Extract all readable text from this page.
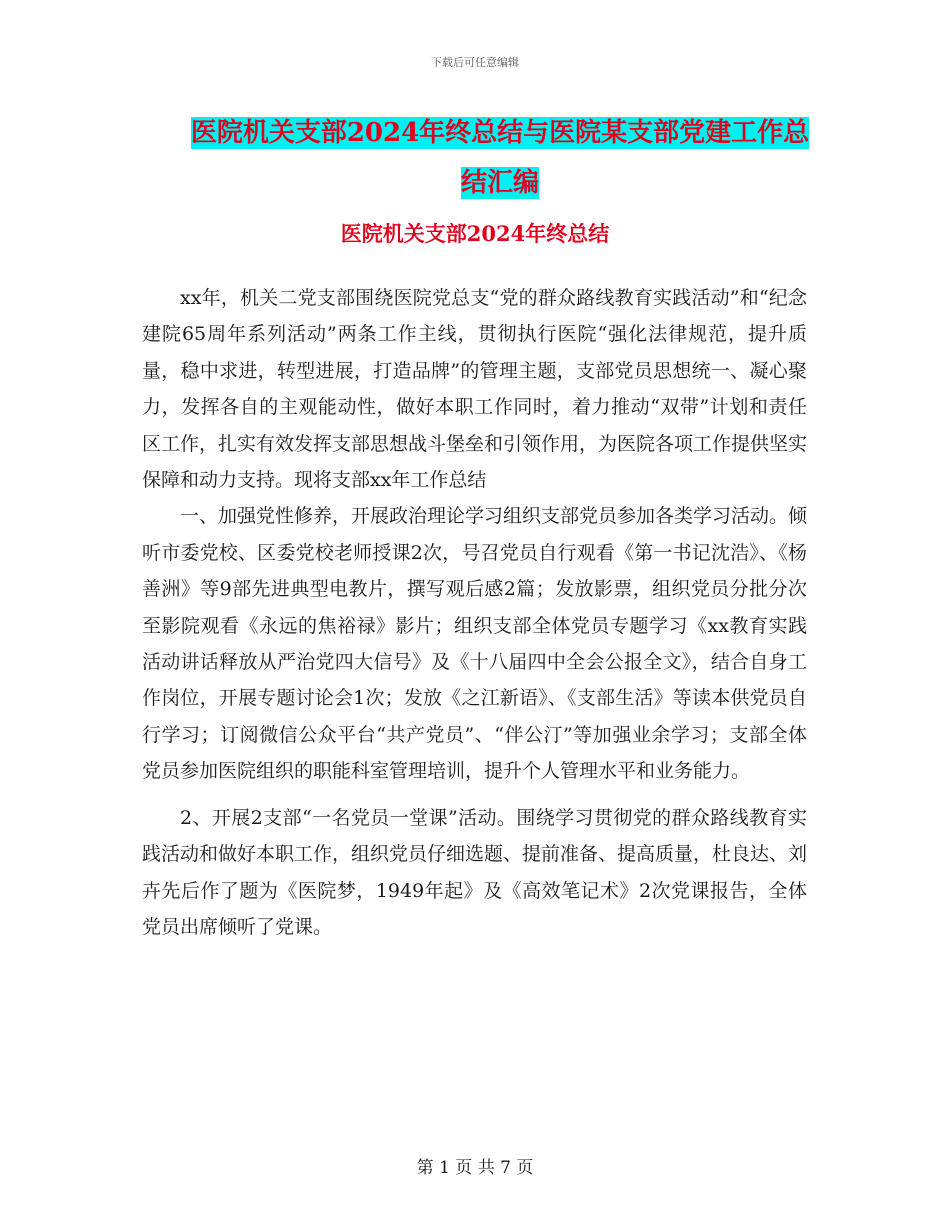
下载后可任意编辑
医院机关支部2024年终总结与医院某支部党建工作总
结汇编
医院机关支部2024年终总结

xx年，机关二党支部围绕医院党总支“党的群众路线教育实践活动”和“纪念建院65周年系列活动”两条工作主线，贯彻执行医院“强化法律规范，提升质量，稳中求进，转型进展，打造品牌”的管理主题，支部党员思想统一、凝心聚力，发挥各自的主观能动性，做好本职工作同时，着力推动“双带”计划和责任区工作，扎实有效发挥支部思想战斗堡垒和引领作用，为医院各项工作提供坚实保障和动力支持。现将支部xx年工作总结

一、加强党性修养，开展政治理论学习组织支部党员参加各类学习活动。倾听市委党校、区委党校老师授课2次，号召党员自行观看《第一书记沈浩》、《杨善洲》等9部先进典型电教片，撰写观后感2篇；发放影票，组织党员分批分次至影院观看《永远的焦裕禄》影片；组织支部全体党员专题学习《xx教育实践活动讲话释放从严治党四大信号》及《十八届四中全会公报全文》，结合自身工作岗位，开展专题讨论会1次；发放《之江新语》、《支部生活》等读本供党员自行学习；订阅微信公众平台“共产党员”、“伴公汀”等加强业余学习；支部全体党员参加医院组织的职能科室管理培训，提升个人管理水平和业务能力。

2、开展2支部“一名党员一堂课”活动。围绕学习贯彻党的群众路线教育实践活动和做好本职工作，组织党员仔细选题、提前准备、提高质量，杜良达、刘卉先后作了题为《医院梦，1949年起》及《高效笔记术》2次党课报告，全体党员出席倾听了党课。

第 1 页 共 7 页
